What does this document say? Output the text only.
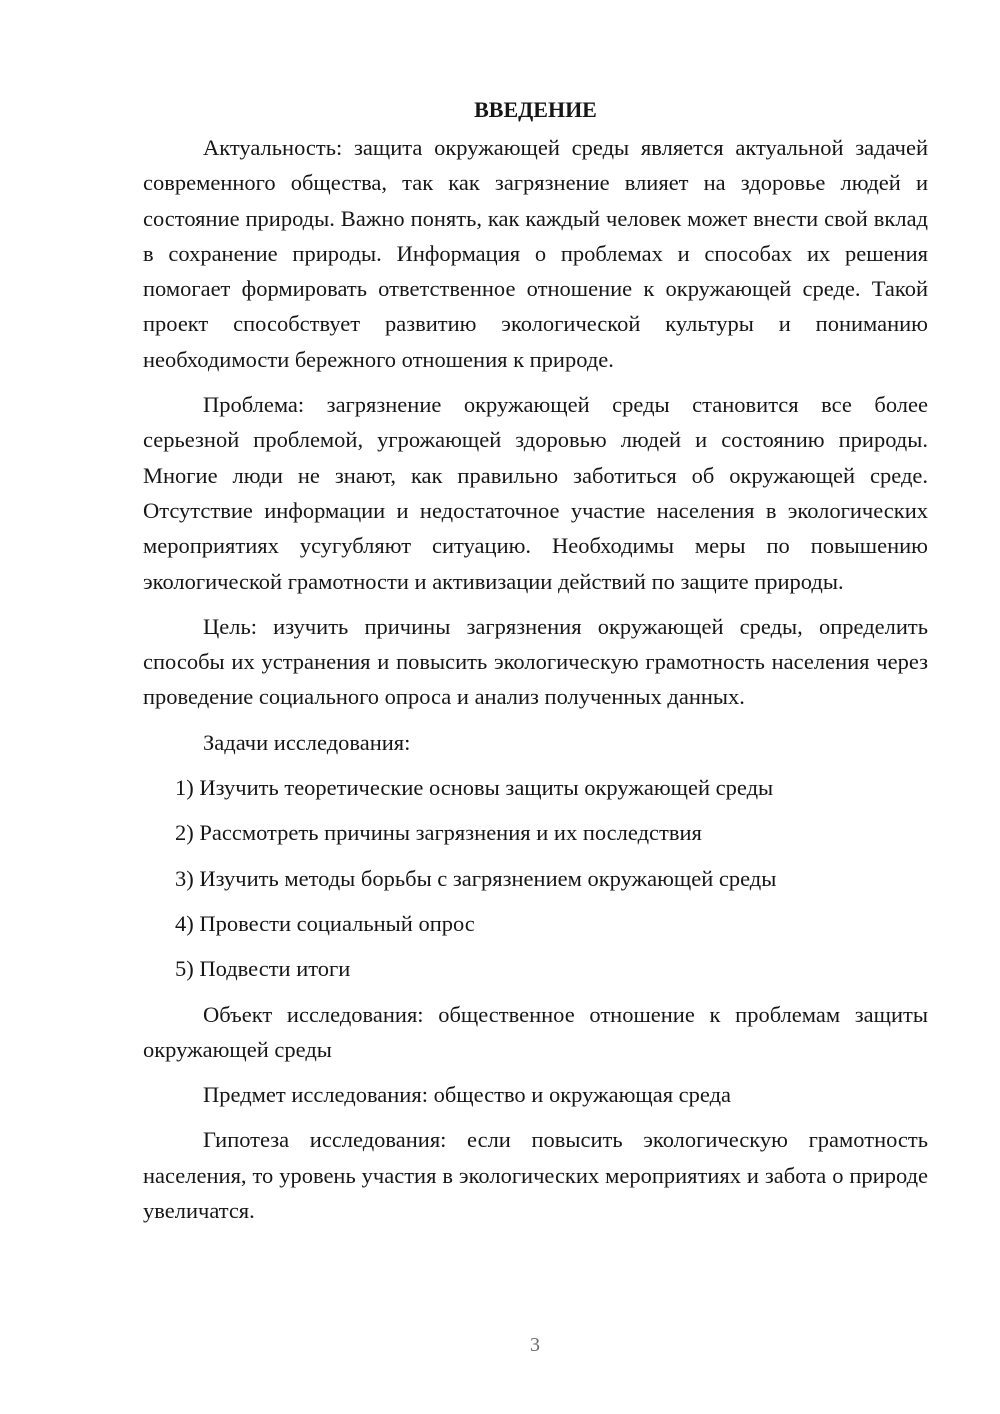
ВВЕДЕНИЕ

Актуальность: защита окружающей среды является актуальной задачей современного общества, так как загрязнение влияет на здоровье людей и состояние природы. Важно понять, как каждый человек может внести свой вклад в сохранение природы. Информация о проблемах и способах их решения помогает формировать ответственное отношение к окружающей среде. Такой проект способствует развитию экологической культуры и пониманию необходимости бережного отношения к природе.

Проблема: загрязнение окружающей среды становится все более серьезной проблемой, угрожающей здоровью людей и состоянию природы. Многие люди не знают, как правильно заботиться об окружающей среде. Отсутствие информации и недостаточное участие населения в экологических мероприятиях усугубляют ситуацию. Необходимы меры по повышению экологической грамотности и активизации действий по защите природы.

Цель: изучить причины загрязнения окружающей среды, определить способы их устранения и повысить экологическую грамотность населения через проведение социального опроса и анализ полученных данных.

Задачи исследования:

1) Изучить теоретические основы защиты окружающей среды
2) Рассмотреть причины загрязнения и их последствия
3) Изучить методы борьбы с загрязнением окружающей среды
4) Провести социальный опрос
5) Подвести итоги

Объект исследования: общественное отношение к проблемам защиты окружающей среды

Предмет исследования: общество и окружающая среда

Гипотеза исследования: если повысить экологическую грамотность населения, то уровень участия в экологических мероприятиях и забота о природе увеличатся.

3
